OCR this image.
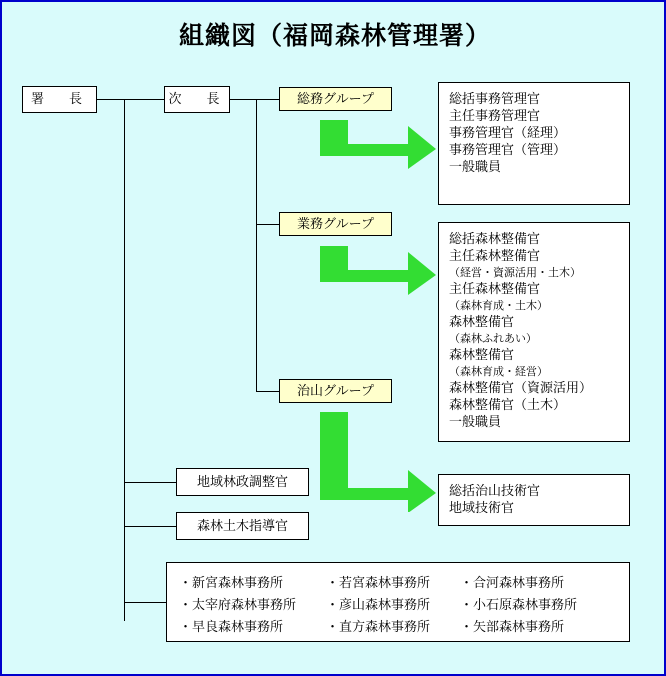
組織図（福岡森林管理署）
署　長	次　長	総務グループ
業務グループ
治山グループ
地域林政調整官
森林土木指導官
総括事務管理官
主任事務管理官
事務管理官（経理）
事務管理官（管理）
一般職員
総括森林整備官
主任森林整備官
（経営・資源活用・土木）
主任森林整備官
（森林育成・土木）
森林整備官
（森林ふれあい）
森林整備官
（森林育成・経営）
森林整備官（資源活用）
森林整備官（土木）
一般職員
総括治山技術官
地域技術官
・新宮森林事務所
・太宰府森林事務所
・早良森林事務所
・若宮森林事務所
・彦山森林事務所
・直方森林事務所
・合河森林事務所
・小石原森林事務所
・矢部森林事務所
